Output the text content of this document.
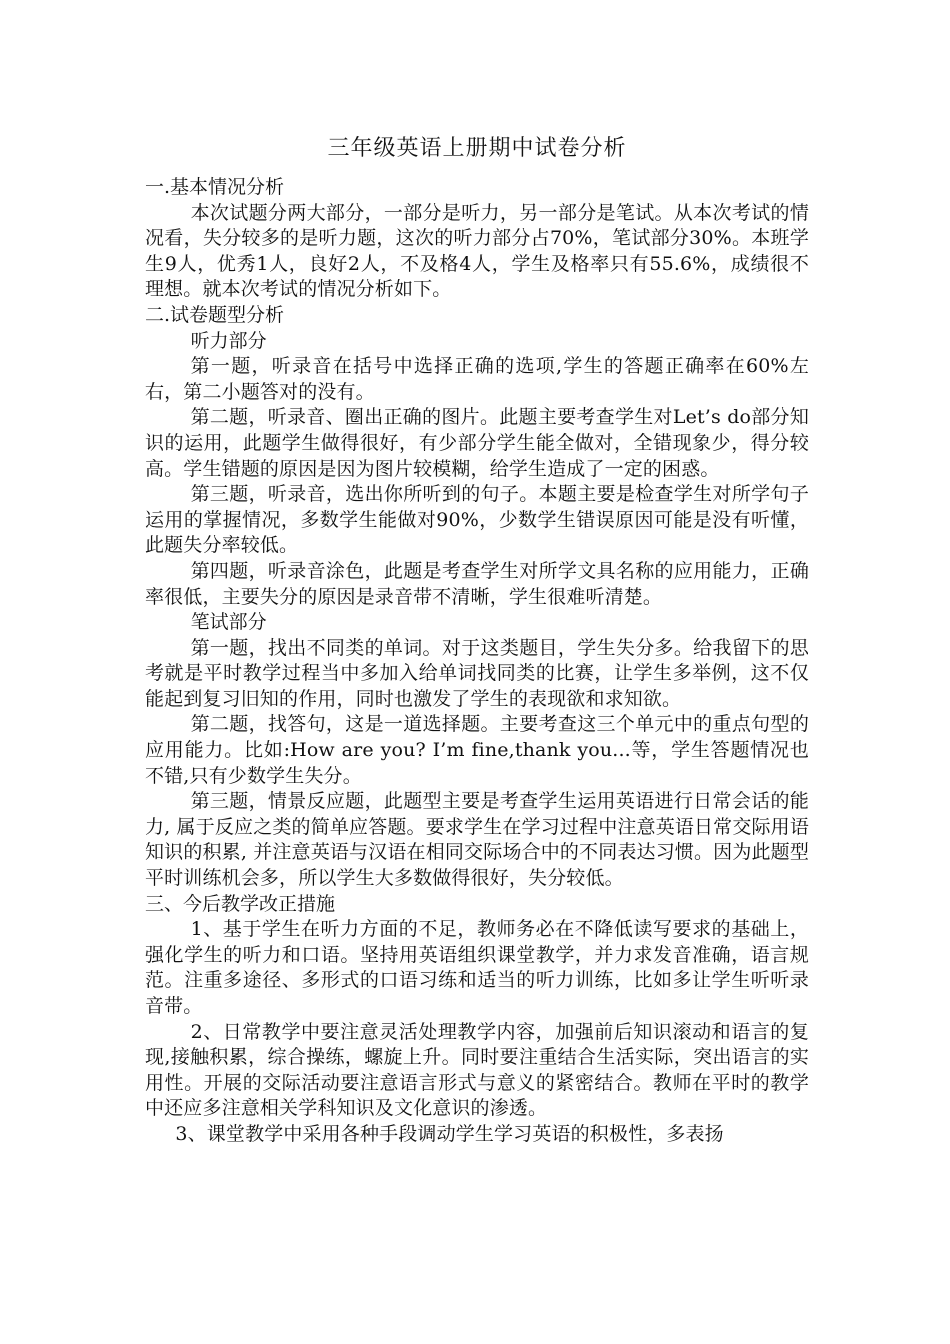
三年级英语上册期中试卷分析
一.基本情况分析

本次试题分两大部分，一部分是听力，另一部分是笔试。从本次考试的情况看，失分较多的是听力题，这次的听力部分占70%，笔试部分30%。本班学生9人，优秀1人，良好2人，不及格4人，学生及格率只有55.6%，成绩很不理想。就本次考试的情况分析如下。

二.试卷题型分析
听力部分

第一题，听录音在括号中选择正确的选项,学生的答题正确率在60%左右，第二小题答对的没有。

第二题，听录音、圈出正确的图片。此题主要考查学生对Let’s do部分知识的运用，此题学生做得很好，有少部分学生能全做对，全错现象少，得分较高。学生错题的原因是因为图片较模糊，给学生造成了一定的困惑。

第三题，听录音，选出你所听到的句子。本题主要是检查学生对所学句子运用的掌握情况，多数学生能做对90%，少数学生错误原因可能是没有听懂，此题失分率较低。

第四题，听录音涂色，此题是考查学生对所学文具名称的应用能力，正确率很低，主要失分的原因是录音带不清晰，学生很难听清楚。

笔试部分

第一题，找出不同类的单词。对于这类题目，学生失分多。给我留下的思考就是平时教学过程当中多加入给单词找同类的比赛，让学生多举例，这不仅能起到复习旧知的作用，同时也激发了学生的表现欲和求知欲。

第二题，找答句，这是一道选择题。主要考查这三个单元中的重点句型的应用能力。比如:How are you? I’m fine,thank you...等，学生答题情况也不错,只有少数学生失分。

第三题，情景反应题，此题型主要是考查学生运用英语进行日常会话的能力, 属于反应之类的简单应答题。要求学生在学习过程中注意英语日常交际用语知识的积累, 并注意英语与汉语在相同交际场合中的不同表达习惯。因为此题型平时训练机会多，所以学生大多数做得很好，失分较低。

三、今后教学改正措施

1、基于学生在听力方面的不足，教师务必在不降低读写要求的基础上，强化学生的听力和口语。坚持用英语组织课堂教学，并力求发音准确，语言规范。注重多途径、多形式的口语习练和适当的听力训练，比如多让学生听听录音带。

2、日常教学中要注意灵活处理教学内容，加强前后知识滚动和语言的复现,接触积累，综合操练，螺旋上升。同时要注重结合生活实际，突出语言的实用性。开展的交际活动要注意语言形式与意义的紧密结合。教师在平时的教学中还应多注意相关学科知识及文化意识的渗透。

3、课堂教学中采用各种手段调动学生学习英语的积极性，多表扬
